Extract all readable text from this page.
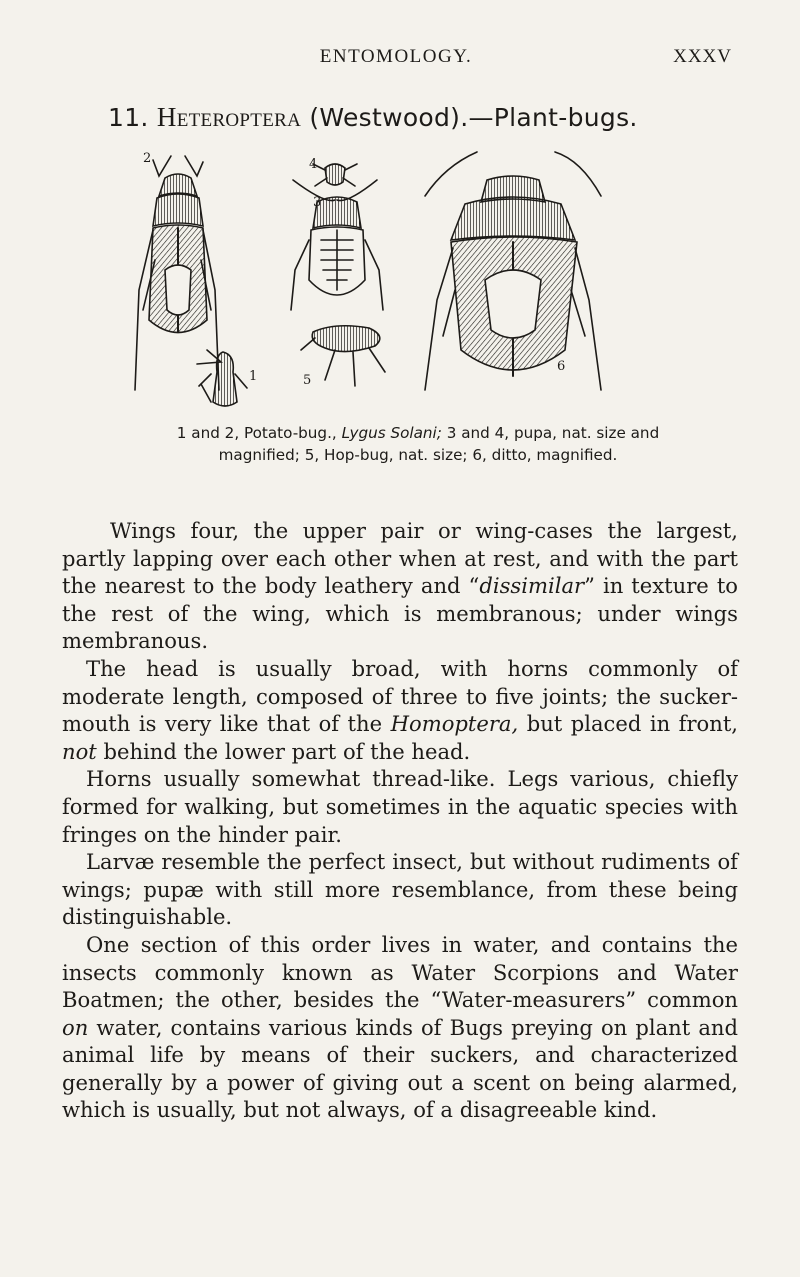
ENTOMOLOGY.	XXXV
11. Heteroptera (Westwood).—Plant-bugs.
2
1
3
4
5
6
1 and 2, Potato-bug., Lygus Solani; 3 and 4, pupa, nat. size and
magnified; 5, Hop-bug, nat. size; 6, ditto, magnified.

Wings four, the upper pair or wing-cases the largest, partly lapping over each other when at rest, and with the part the nearest to the body leathery and “dissimilar” in texture to the rest of the wing, which is membranous; under wings membranous.

The head is usually broad, with horns commonly of moderate length, composed of three to five joints; the sucker-mouth is very like that of the Homoptera, but placed in front, not behind the lower part of the head.

Horns usually somewhat thread-like. Legs various, chiefly formed for walking, but sometimes in the aquatic species with fringes on the hinder pair.

Larvæ resemble the perfect insect, but without rudiments of wings; pupæ with still more resemblance, from these being distinguishable.

One section of this order lives in water, and contains the insects commonly known as Water Scorpions and Water Boatmen; the other, besides the “Water-measurers” common on water, contains various kinds of Bugs preying on plant and animal life by means of their suckers, and characterized generally by a power of giving out a scent on being alarmed, which is usually, but not always, of a disagreeable kind.
